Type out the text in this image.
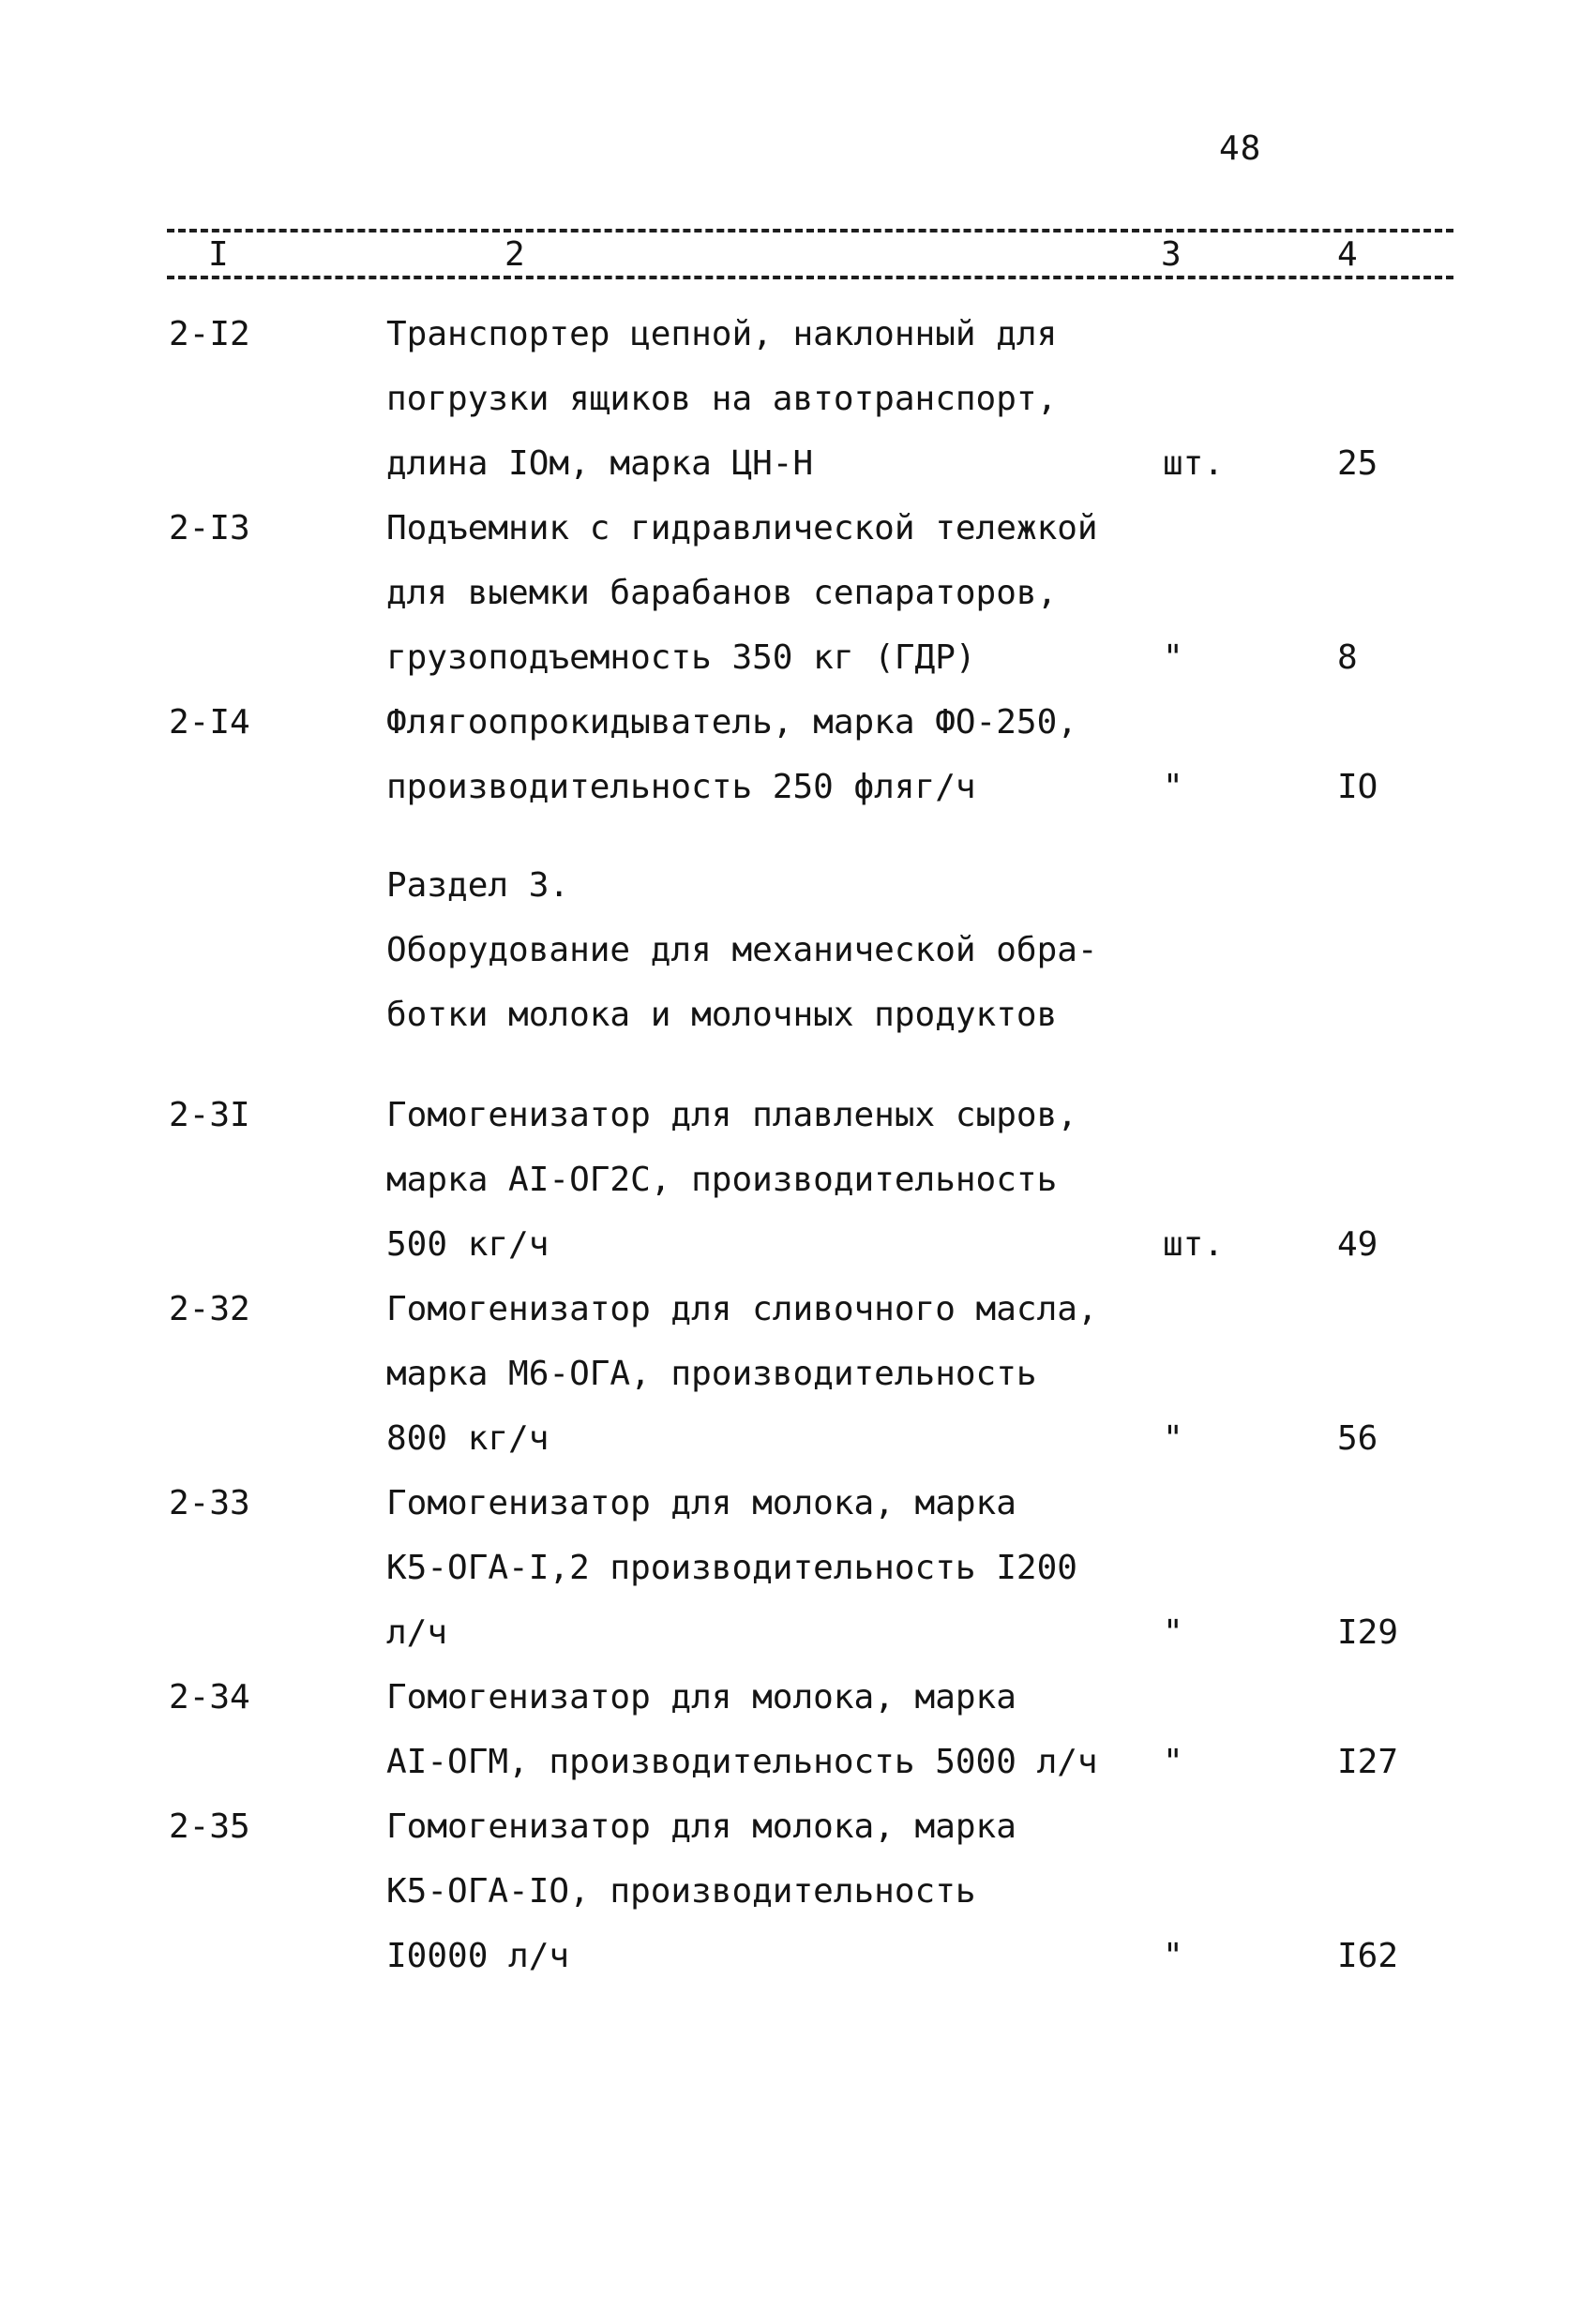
48
I	2	3	4
2-I2	Транспортер цепной, наклонный для
погрузки ящиков на автотранспорт,
длина IOм, марка ЦН-Н	шт.	25
2-I3	Подъемник с гидравлической тележкой
для выемки барабанов сепараторов,
грузоподъемность 350 кг (ГДР)	"	8
2-I4	Флягоопрокидыватель, марка ФО-250,
производительность 250 фляг/ч	"	IO
Раздел 3.
Оборудование для механической обра-
ботки молока и молочных продуктов
2-3I	Гомогенизатор для плавленых сыров,
марка AI-ОГ2С, производительность
500 кг/ч	шт.	49
2-32	Гомогенизатор для сливочного масла,
марка М6-ОГА, производительность
800 кг/ч	"	56
2-33	Гомогенизатор для молока, марка
К5-ОГА-I,2 производительность I200
л/ч	"	I29
2-34	Гомогенизатор для молока, марка
AI-ОГМ, производительность 5000 л/ч	"	I27
2-35	Гомогенизатор для молока, марка
К5-ОГА-IO, производительность
I0000 л/ч	"	I62
